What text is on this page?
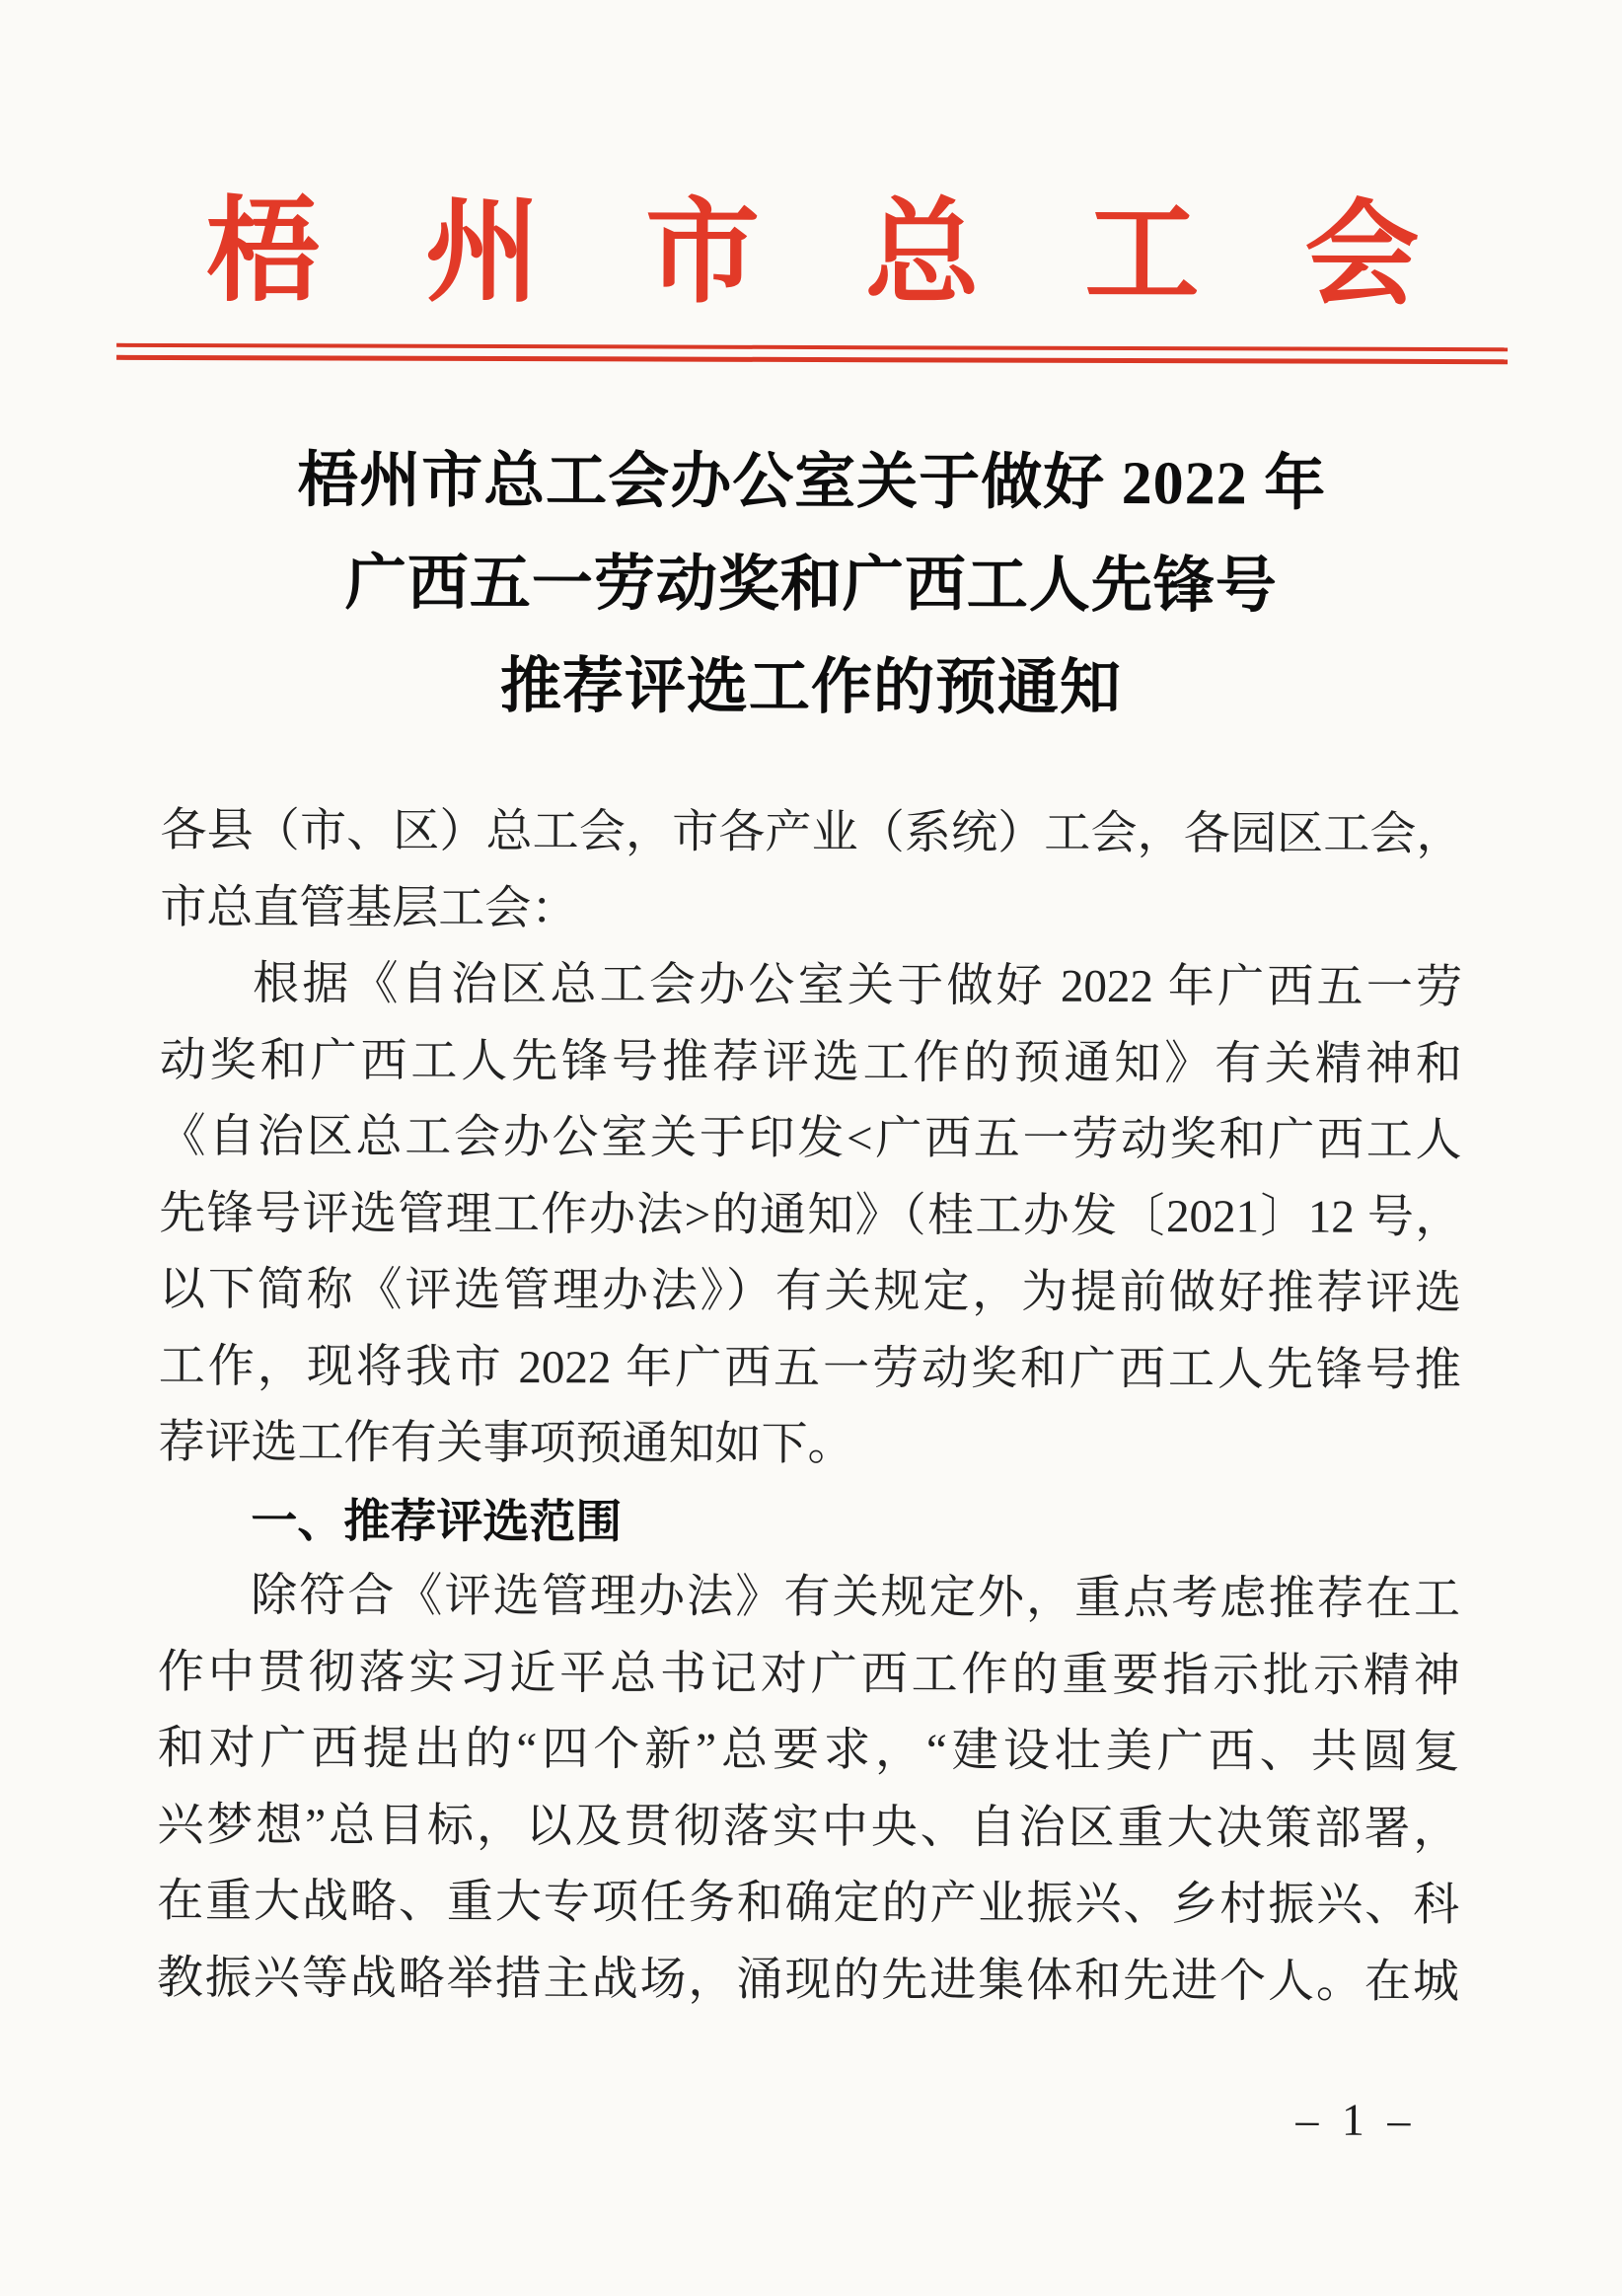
梧 州 市 总 工 会
梧州市总工会办公室关于做好 2022 年
广西五一劳动奖和广西工人先锋号
推荐评选工作的预通知
各县（市、区）总工会，市各产业（系统）工会，各园区工会，
市总直管基层工会：
根据《自治区总工会办公室关于做好 2022 年广西五一劳
动奖和广西工人先锋号推荐评选工作的预通知》有关精神和
《自治区总工会办公室关于印发<广西五一劳动奖和广西工人
先锋号评选管理工作办法>的通知》（桂工办发〔2021〕12 号，
以下简称《评选管理办法》）有关规定，为提前做好推荐评选
工作，现将我市 2022 年广西五一劳动奖和广西工人先锋号推
荐评选工作有关事项预通知如下。
一、推荐评选范围
除符合《评选管理办法》有关规定外，重点考虑推荐在工
作中贯彻落实习近平总书记对广西工作的重要指示批示精神
和对广西提出的“四个新”总要求，“建设壮美广西、共圆复
兴梦想”总目标，以及贯彻落实中央、自治区重大决策部署，
在重大战略、重大专项任务和确定的产业振兴、乡村振兴、科
教振兴等战略举措主战场，涌现的先进集体和先进个人。在城
– 1 –
